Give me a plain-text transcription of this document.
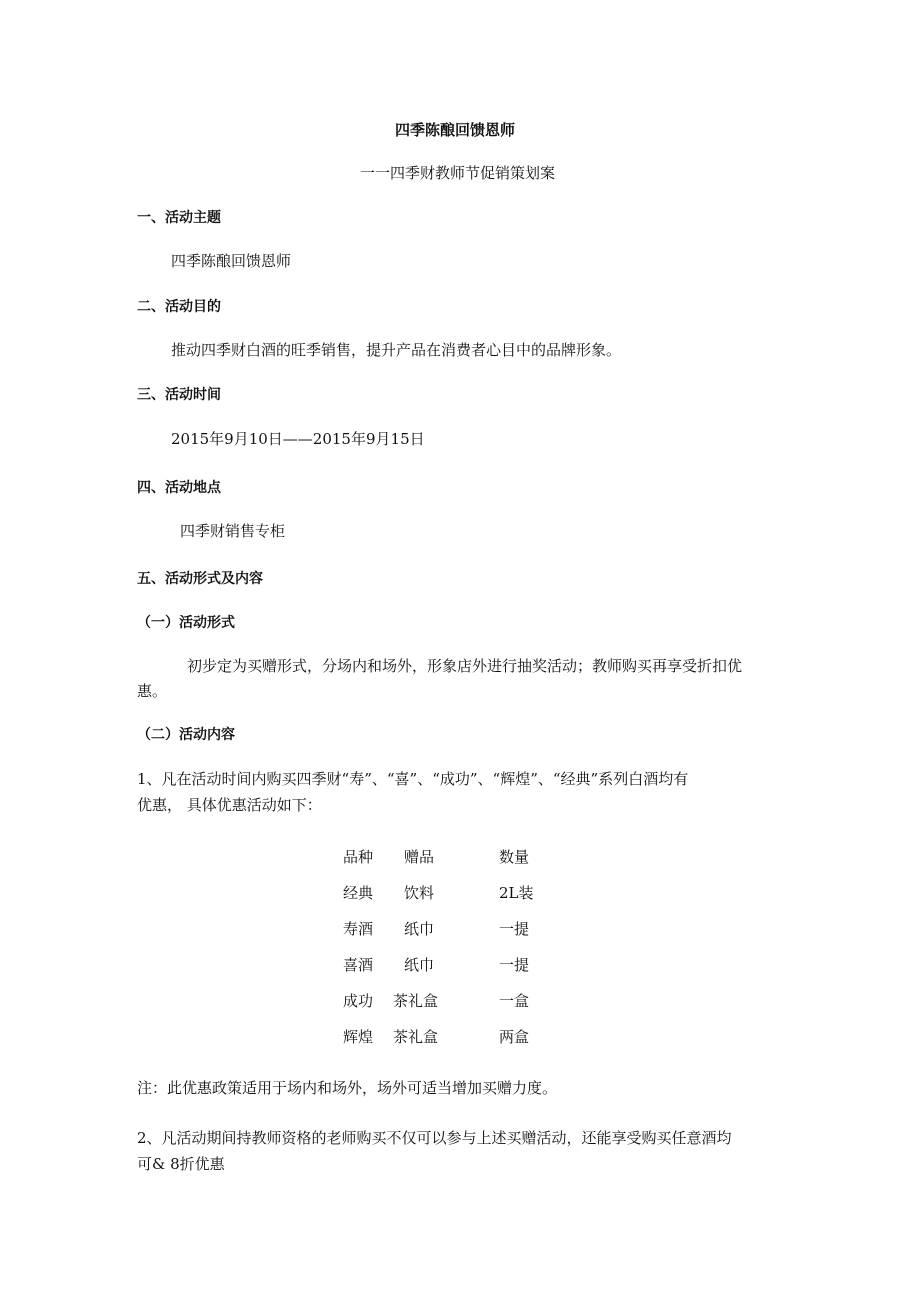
四季陈酿回馈恩师
一一四季财教师节促销策划案
一、活动主题
四季陈酿回馈恩师
二、活动目的
推动四季财白酒的旺季销售，提升产品在消费者心目中的品牌形象。
三、活动时间
2015年9月10日——2015年9月15日
四、活动地点
四季财销售专柜
五、活动形式及内容
（一）活动形式
初步定为买赠形式，分场内和场外，形象店外进行抽奖活动；教师购买再享受折扣优
惠。
（二）活动内容
1、凡在活动时间内购买四季财“寿”、“喜”、“成功”、“辉煌”、“经典”系列白酒均有
优惠， 具体优惠活动如下：
品种 赠品	数量
经典 饮料	2L装
寿酒 纸巾	一提
喜酒 纸巾	一提
成功 茶礼盒	一盒
辉煌 茶礼盒	两盒
注：此优惠政策适用于场内和场外，场外可适当增加买赠力度。
2、凡活动期间持教师资格的老师购买不仅可以参与上述买赠活动，还能享受购买任意酒均
可& 8折优惠
